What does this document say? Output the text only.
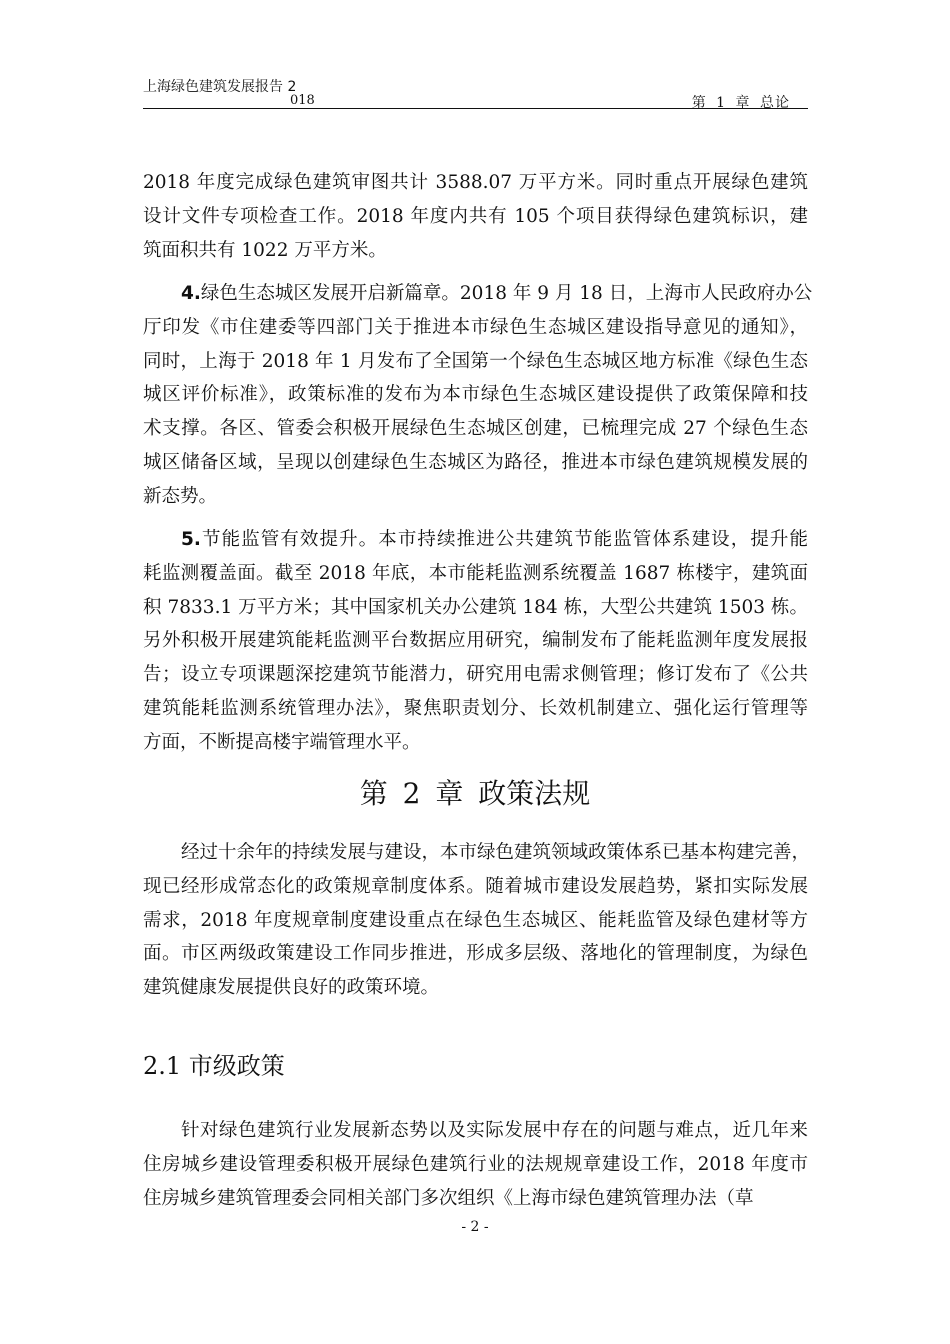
上海绿色建筑发展报告 2
018	第 1 章 总论
2018 年度完成绿色建筑审图共计 3588.07 万平方米。同时重点开展绿色建筑
设计文件专项检查工作。2018 年度内共有 105 个项目获得绿色建筑标识，建
筑面积共有 1022 万平方米。
4.绿色生态城区发展开启新篇章。2018 年 9 月 18 日，上海市人民政府办公
厅印发《市住建委等四部门关于推进本市绿色生态城区建设指导意见的通知》，
同时，上海于 2018 年 1 月发布了全国第一个绿色生态城区地方标准《绿色生态
城区评价标准》，政策标准的发布为本市绿色生态城区建设提供了政策保障和技
术支撑。各区、管委会积极开展绿色生态城区创建，已梳理完成 27 个绿色生态
城区储备区域，呈现以创建绿色生态城区为路径，推进本市绿色建筑规模发展的
新态势。
5.节能监管有效提升。本市持续推进公共建筑节能监管体系建设，提升能
耗监测覆盖面。截至 2018 年底，本市能耗监测系统覆盖 1687 栋楼宇，建筑面
积 7833.1 万平方米；其中国家机关办公建筑 184 栋，大型公共建筑 1503 栋。
另外积极开展建筑能耗监测平台数据应用研究，编制发布了能耗监测年度发展报
告；设立专项课题深挖建筑节能潜力，研究用电需求侧管理；修订发布了《公共
建筑能耗监测系统管理办法》，聚焦职责划分、长效机制建立、强化运行管理等
方面，不断提高楼宇端管理水平。
第 2 章 政策法规
经过十余年的持续发展与建设，本市绿色建筑领域政策体系已基本构建完善，
现已经形成常态化的政策规章制度体系。随着城市建设发展趋势，紧扣实际发展
需求，2018 年度规章制度建设重点在绿色生态城区、能耗监管及绿色建材等方
面。市区两级政策建设工作同步推进，形成多层级、落地化的管理制度，为绿色
建筑健康发展提供良好的政策环境。
2.1 市级政策
针对绿色建筑行业发展新态势以及实际发展中存在的问题与难点，近几年来
住房城乡建设管理委积极开展绿色建筑行业的法规规章建设工作，2018 年度市
住房城乡建筑管理委会同相关部门多次组织《上海市绿色建筑管理办法（草
- 2 -
